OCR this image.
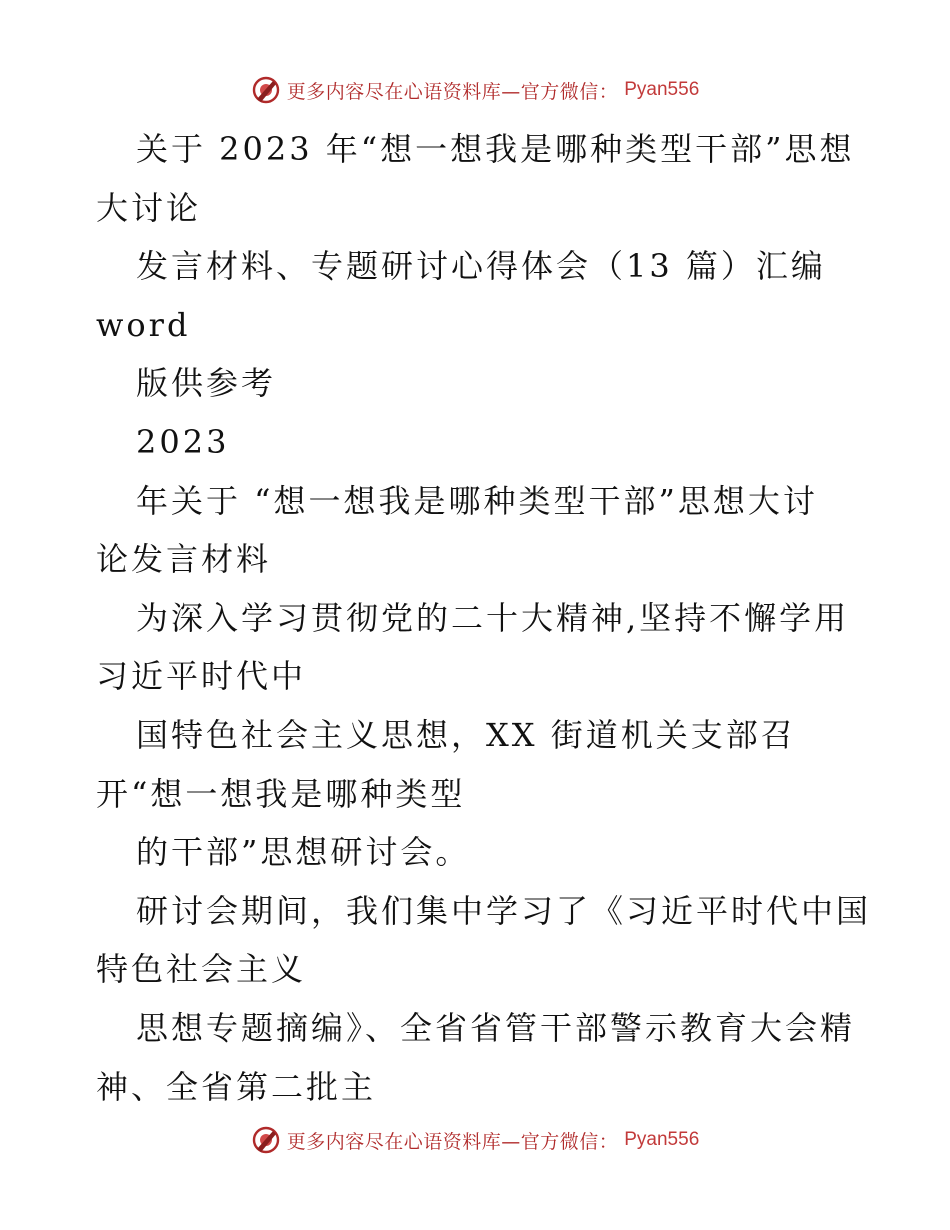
更多内容尽在心语资料库—官方微信： Pyan556
关于 2023 年“想一想我是哪种类型干部”思想
大讨论
发言材料、专题研讨心得体会（13 篇）汇编
word
版供参考
2023
年关于 “想一想我是哪种类型干部”思想大讨
论发言材料
为深入学习贯彻党的二十大精神,坚持不懈学用
习近平时代中
国特色社会主义思想，XX 街道机关支部召
开“想一想我是哪种类型
的干部”思想研讨会。
研讨会期间，我们集中学习了《习近平时代中国
特色社会主义
思想专题摘编》、全省省管干部警示教育大会精
神、全省第二批主
更多内容尽在心语资料库—官方微信： Pyan556
